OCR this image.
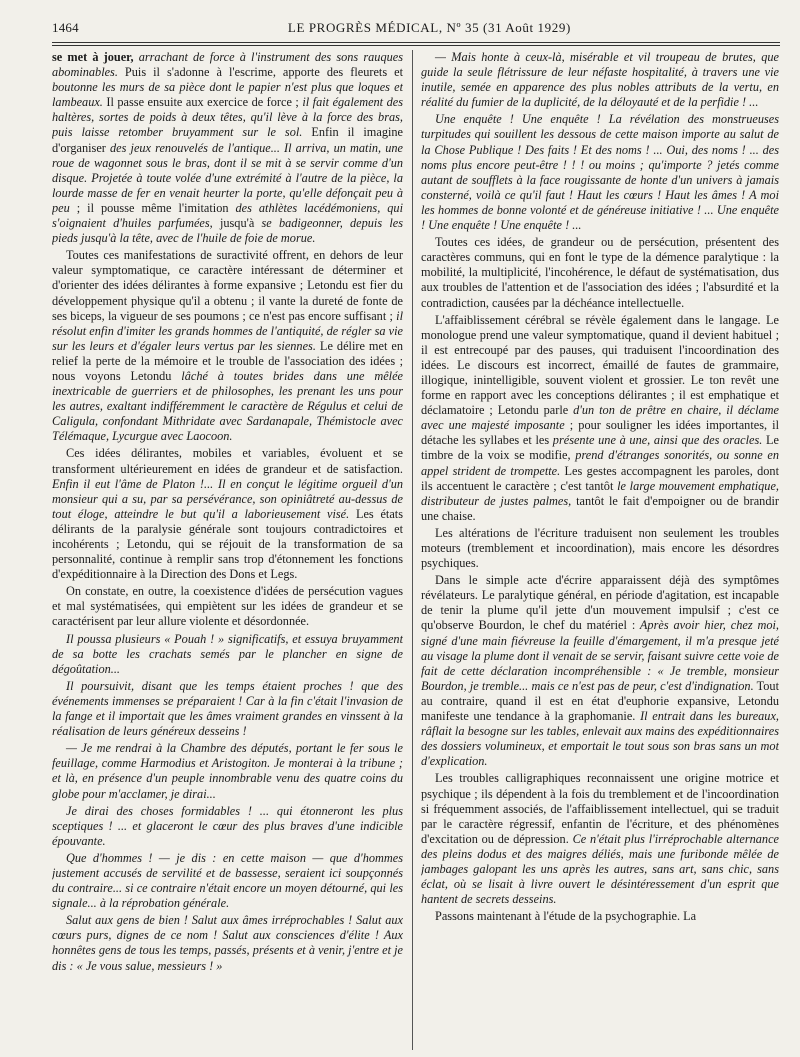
1464	LE PROGRÈS MÉDICAL, Nº 35 (31 Août 1929)

se met à jouer, arrachant de force à l'instrument des sons rauques abominables. Puis il s'adonne à l'escrime, apporte des fleurets et boutonne les murs de sa pièce dont le papier n'est plus que loques et lambeaux. Il passe ensuite aux exercice de force ; il fait également des haltères, sortes de poids à deux têtes, qu'il lève à la force des bras, puis laisse retomber bruyamment sur le sol. Enfin il imagine d'organiser des jeux renouvelés de l'antique... Il arriva, un matin, une roue de wagonnet sous le bras, dont il se mit à se servir comme d'un disque. Projetée à toute volée d'une extrémité à l'autre de la pièce, la lourde masse de fer en venait heurter la porte, qu'elle défonçait peu à peu ; il pousse même l'imitation des athlètes lacédémoniens, qui s'oignaient d'huiles parfumées, jusqu'à se badigeonner, depuis les pieds jusqu'à la tête, avec de l'huile de foie de morue.

Toutes ces manifestations de suractivité offrent, en dehors de leur valeur symptomatique, ce caractère intéressant de déterminer et d'orienter des idées délirantes à forme expansive ; Letondu est fier du développement physique qu'il a obtenu ; il vante la dureté de fonte de ses biceps, la vigueur de ses poumons ; ce n'est pas encore suffisant ; il résolut enfin d'imiter les grands hommes de l'antiquité, de régler sa vie sur les leurs et d'égaler leurs vertus par les siennes. Le délire met en relief la perte de la mémoire et le trouble de l'association des idées ; nous voyons Letondu lâché à toutes brides dans une mêlée inextricable de guerriers et de philosophes, les prenant les uns pour les autres, exaltant indifféremment le caractère de Régulus et celui de Caligula, confondant Mithridate avec Sardanapale, Thémistocle avec Télémaque, Lycurgue avec Laocoon.

Ces idées délirantes, mobiles et variables, évoluent et se transforment ultérieurement en idées de grandeur et de satisfaction. Enfin il eut l'âme de Platon !... Il en conçut le légitime orgueil d'un monsieur qui a su, par sa persévérance, son opiniâtreté au-dessus de tout éloge, atteindre le but qu'il a laborieusement visé. Les états délirants de la paralysie générale sont toujours contradictoires et incohérents ; Letondu, qui se réjouit de la transformation de sa personnalité, continue à remplir sans trop d'étonnement les fonctions d'expéditionnaire à la Direction des Dons et Legs.

On constate, en outre, la coexistence d'idées de persécution vagues et mal systématisées, qui empiètent sur les idées de grandeur et se caractérisent par leur allure violente et désordonnée.

Il poussa plusieurs « Pouah ! » significatifs, et essuya bruyamment de sa botte les crachats semés par le plancher en signe de dégoûtation...

Il poursuivit, disant que les temps étaient proches ! que des événements immenses se préparaient ! Car à la fin c'était l'invasion de la fange et il importait que les âmes vraiment grandes en vinssent à la réalisation de leurs généreux desseins !

— Je me rendrai à la Chambre des députés, portant le fer sous le feuillage, comme Harmodius et Aristogiton. Je monterai à la tribune ; et là, en présence d'un peuple innombrable venu des quatre coins du globe pour m'acclamer, je dirai...

Je dirai des choses formidables ! ... qui étonneront les plus sceptiques ! ... et glaceront le cœur des plus braves d'une indicible épouvante.

Que d'hommes ! — je dis : en cette maison — que d'hommes justement accusés de servilité et de bassesse, seraient ici soupçonnés du contraire... si ce contraire n'était encore un moyen détourné, qui les signale... à la réprobation générale.

Salut aux gens de bien ! Salut aux âmes irréprochables ! Salut aux cœurs purs, dignes de ce nom ! Salut aux consciences d'élite ! Aux honnêtes gens de tous les temps, passés, présents et à venir, j'entre et je dis : « Je vous salue, messieurs ! »

— Mais honte à ceux-là, misérable et vil troupeau de brutes, que guide la seule flétrissure de leur néfaste hospitalité, à travers une vie inutile, semée en apparence des plus nobles attributs de la vertu, en réalité du fumier de la duplicité, de la déloyauté et de la perfidie ! ...

Une enquête ! Une enquête ! La révélation des monstrueuses turpitudes qui souillent les dessous de cette maison importe au salut de la Chose Publique ! Des faits ! Et des noms ! ... Oui, des noms ! ... des noms plus encore peut-être ! ! ! ou moins ; qu'importe ? jetés comme autant de soufflets à la face rougissante de honte d'un univers à jamais consterné, voilà ce qu'il faut ! Haut les cœurs ! Haut les âmes ! A moi les hommes de bonne volonté et de généreuse initiative ! ... Une enquête ! Une enquête ! Une enquête ! ...

Toutes ces idées, de grandeur ou de persécution, présentent des caractères communs, qui en font le type de la démence paralytique : la mobilité, la multiplicité, l'incohérence, le défaut de systématisation, dus aux troubles de l'attention et de l'association des idées ; l'absurdité et la contradiction, causées par la déchéance intellectuelle.

L'affaiblissement cérébral se révèle également dans le langage. Le monologue prend une valeur symptomatique, quand il devient habituel ; il est entrecoupé par des pauses, qui traduisent l'incoordination des idées. Le discours est incorrect, émaillé de fautes de grammaire, illogique, inintelligible, souvent violent et grossier. Le ton revêt une forme en rapport avec les conceptions délirantes ; il est emphatique et déclamatoire ; Letondu parle d'un ton de prêtre en chaire, il déclame avec une majesté imposante ; pour souligner les idées importantes, il détache les syllabes et les présente une à une, ainsi que des oracles. Le timbre de la voix se modifie, prend d'étranges sonorités, ou sonne en appel strident de trompette. Les gestes accompagnent les paroles, dont ils accentuent le caractère ; c'est tantôt le large mouvement emphatique, distributeur de justes palmes, tantôt le fait d'empoigner ou de brandir une chaise.

Les altérations de l'écriture traduisent non seulement les troubles moteurs (tremblement et incoordination), mais encore les désordres psychiques.

Dans le simple acte d'écrire apparaissent déjà des symptômes révélateurs. Le paralytique général, en période d'agitation, est incapable de tenir la plume qu'il jette d'un mouvement impulsif ; c'est ce qu'observe Bourdon, le chef du matériel : Après avoir hier, chez moi, signé d'une main fiévreuse la feuille d'émargement, il m'a presque jeté au visage la plume dont il venait de se servir, faisant suivre cette voie de fait de cette déclaration incompréhensible : « Je tremble, monsieur Bourdon, je tremble... mais ce n'est pas de peur, c'est d'indignation. Tout au contraire, quand il est en état d'euphorie expansive, Letondu manifeste une tendance à la graphomanie. Il entrait dans les bureaux, râflait la besogne sur les tables, enlevait aux mains des expéditionnaires des dossiers volumineux, et emportait le tout sous son bras sans un mot d'explication.

Les troubles calligraphiques reconnaissent une origine motrice et psychique ; ils dépendent à la fois du tremblement et de l'incoordination si fréquemment associés, de l'affaiblissement intellectuel, qui se traduit par le caractère régressif, enfantin de l'écriture, et des phénomènes d'excitation ou de dépression. Ce n'était plus l'irréprochable alternance des pleins dodus et des maigres déliés, mais une furibonde mêlée de jambages galopant les uns après les autres, sans art, sans chic, sans éclat, où se lisait à livre ouvert le désintéressement d'un esprit que hantent de secrets desseins.

Passons maintenant à l'étude de la psychographie. La
